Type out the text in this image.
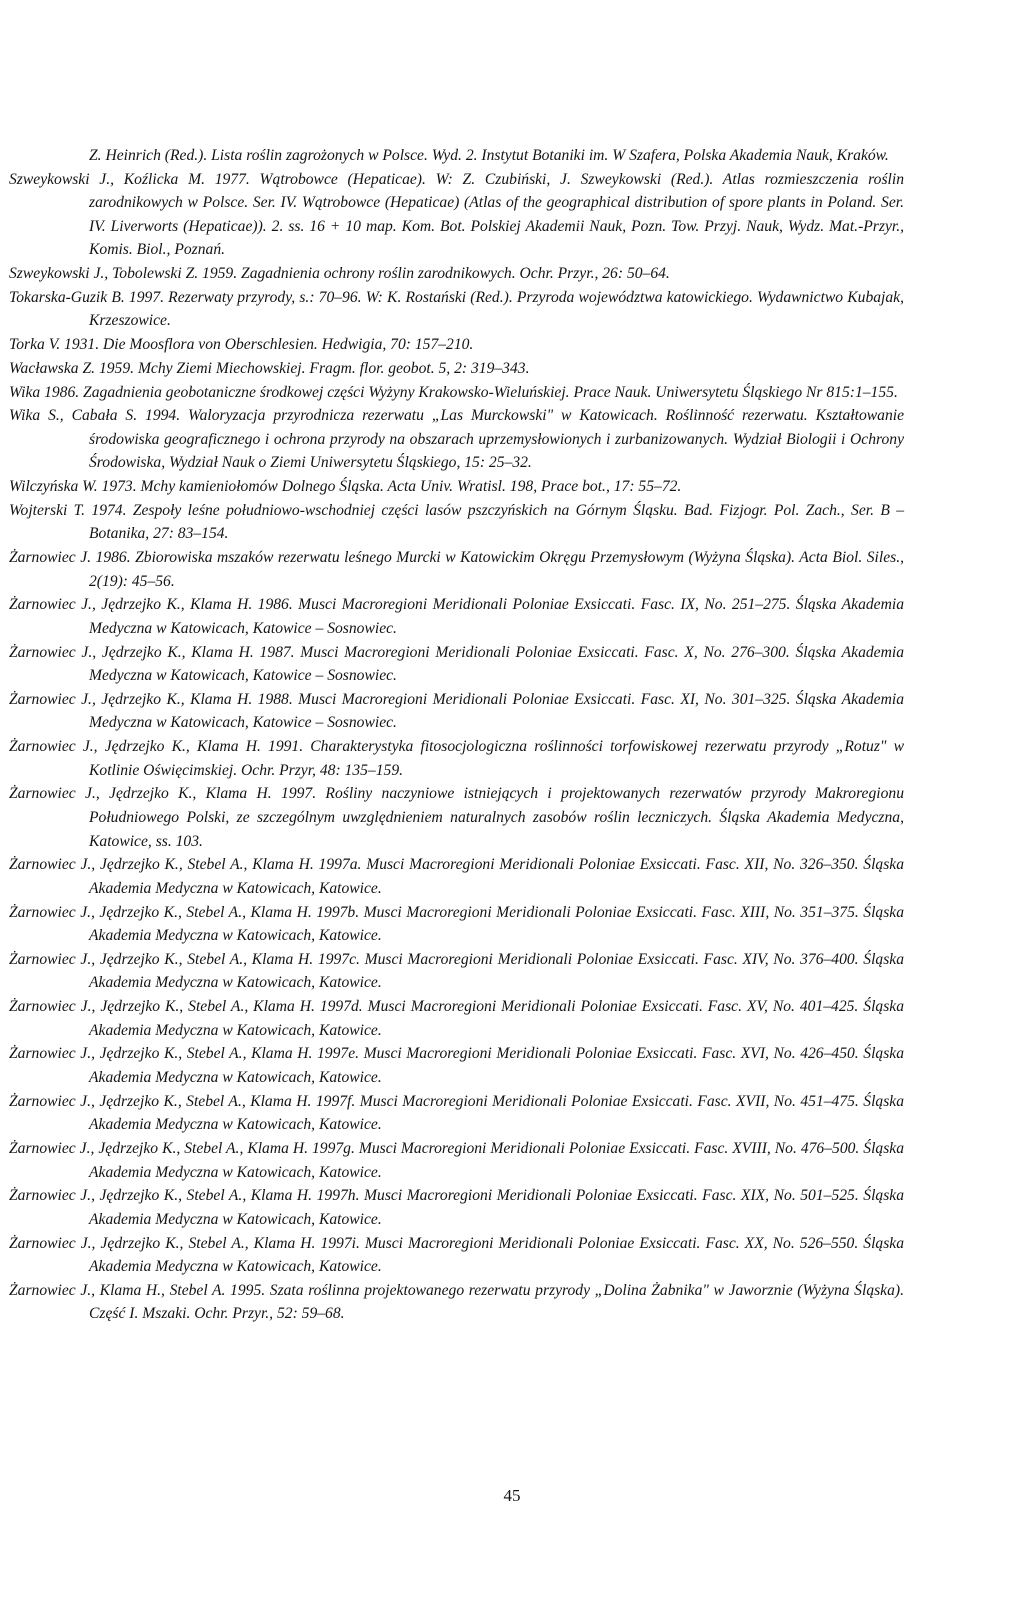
Z. Heinrich (Red.). Lista roślin zagrożonych w Polsce. Wyd. 2. Instytut Botaniki im. W Szafera, Polska Akademia Nauk, Kraków.

Szweykowski J., Koźlicka M. 1977. Wątrobowce (Hepaticae). W: Z. Czubiński, J. Szweykowski (Red.). Atlas rozmieszczenia roślin zarodnikowych w Polsce. Ser. IV. Wątrobowce (Hepaticae) (Atlas of the geographical distribution of spore plants in Poland. Ser. IV. Liverworts (Hepaticae)). 2. ss. 16 + 10 map. Kom. Bot. Polskiej Akademii Nauk, Pozn. Tow. Przyj. Nauk, Wydz. Mat.-Przyr., Komis. Biol., Poznań.

Szweykowski J., Tobolewski Z. 1959. Zagadnienia ochrony roślin zarodnikowych. Ochr. Przyr., 26: 50–64.

Tokarska-Guzik B. 1997. Rezerwaty przyrody, s.: 70–96. W: K. Rostański (Red.). Przyroda województwa katowickiego. Wydawnictwo Kubajak, Krzeszowice.

Torka V. 1931. Die Moosflora von Oberschlesien. Hedwigia, 70: 157–210.

Wacławska Z. 1959. Mchy Ziemi Miechowskiej. Fragm. flor. geobot. 5, 2: 319–343.

Wika 1986. Zagadnienia geobotaniczne środkowej części Wyżyny Krakowsko-Wieluńskiej. Prace Nauk. Uniwersytetu Śląskiego Nr 815:1–155.

Wika S., Cabała S. 1994. Waloryzacja przyrodnicza rezerwatu „Las Murckowski" w Katowicach. Roślinność rezerwatu. Kształtowanie środowiska geograficznego i ochrona przyrody na obszarach uprzemysłowionych i zurbanizowanych. Wydział Biologii i Ochrony Środowiska, Wydział Nauk o Ziemi Uniwersytetu Śląskiego, 15: 25–32.

Wilczyńska W. 1973. Mchy kamieniołomów Dolnego Śląska. Acta Univ. Wratisl. 198, Prace bot., 17: 55–72.

Wojterski T. 1974. Zespoły leśne południowo-wschodniej części lasów pszczyńskich na Górnym Śląsku. Bad. Fizjogr. Pol. Zach., Ser. B – Botanika, 27: 83–154.

Żarnowiec J. 1986. Zbiorowiska mszaków rezerwatu leśnego Murcki w Katowickim Okręgu Przemysłowym (Wyżyna Śląska). Acta Biol. Siles., 2(19): 45–56.

Żarnowiec J., Jędrzejko K., Klama H. 1986. Musci Macroregioni Meridionali Poloniae Exsiccati. Fasc. IX, No. 251–275. Śląska Akademia Medyczna w Katowicach, Katowice – Sosnowiec.

Żarnowiec J., Jędrzejko K., Klama H. 1987. Musci Macroregioni Meridionali Poloniae Exsiccati. Fasc. X, No. 276–300. Śląska Akademia Medyczna w Katowicach, Katowice – Sosnowiec.

Żarnowiec J., Jędrzejko K., Klama H. 1988. Musci Macroregioni Meridionali Poloniae Exsiccati. Fasc. XI, No. 301–325. Śląska Akademia Medyczna w Katowicach, Katowice – Sosnowiec.

Żarnowiec J., Jędrzejko K., Klama H. 1991. Charakterystyka fitosocjologiczna roślinności torfowiskowej rezerwatu przyrody „Rotuz" w Kotlinie Oświęcimskiej. Ochr. Przyr, 48: 135–159.

Żarnowiec J., Jędrzejko K., Klama H. 1997. Rośliny naczyniowe istniejących i projektowanych rezerwatów przyrody Makroregionu Południowego Polski, ze szczególnym uwzględnieniem naturalnych zasobów roślin leczniczych. Śląska Akademia Medyczna, Katowice, ss. 103.

Żarnowiec J., Jędrzejko K., Stebel A., Klama H. 1997a. Musci Macroregioni Meridionali Poloniae Exsiccati. Fasc. XII, No. 326–350. Śląska Akademia Medyczna w Katowicach, Katowice.

Żarnowiec J., Jędrzejko K., Stebel A., Klama H. 1997b. Musci Macroregioni Meridionali Poloniae Exsiccati. Fasc. XIII, No. 351–375. Śląska Akademia Medyczna w Katowicach, Katowice.

Żarnowiec J., Jędrzejko K., Stebel A., Klama H. 1997c. Musci Macroregioni Meridionali Poloniae Exsiccati. Fasc. XIV, No. 376–400. Śląska Akademia Medyczna w Katowicach, Katowice.

Żarnowiec J., Jędrzejko K., Stebel A., Klama H. 1997d. Musci Macroregioni Meridionali Poloniae Exsiccati. Fasc. XV, No. 401–425. Śląska Akademia Medyczna w Katowicach, Katowice.

Żarnowiec J., Jędrzejko K., Stebel A., Klama H. 1997e. Musci Macroregioni Meridionali Poloniae Exsiccati. Fasc. XVI, No. 426–450. Śląska Akademia Medyczna w Katowicach, Katowice.

Żarnowiec J., Jędrzejko K., Stebel A., Klama H. 1997f. Musci Macroregioni Meridionali Poloniae Exsiccati. Fasc. XVII, No. 451–475. Śląska Akademia Medyczna w Katowicach, Katowice.

Żarnowiec J., Jędrzejko K., Stebel A., Klama H. 1997g. Musci Macroregioni Meridionali Poloniae Exsiccati. Fasc. XVIII, No. 476–500. Śląska Akademia Medyczna w Katowicach, Katowice.

Żarnowiec J., Jędrzejko K., Stebel A., Klama H. 1997h. Musci Macroregioni Meridionali Poloniae Exsiccati. Fasc. XIX, No. 501–525. Śląska Akademia Medyczna w Katowicach, Katowice.

Żarnowiec J., Jędrzejko K., Stebel A., Klama H. 1997i. Musci Macroregioni Meridionali Poloniae Exsiccati. Fasc. XX, No. 526–550. Śląska Akademia Medyczna w Katowicach, Katowice.

Żarnowiec J., Klama H., Stebel A. 1995. Szata roślinna projektowanego rezerwatu przyrody „Dolina Żabnika" w Jaworznie (Wyżyna Śląska). Część I. Mszaki. Ochr. Przyr., 52: 59–68.

45
